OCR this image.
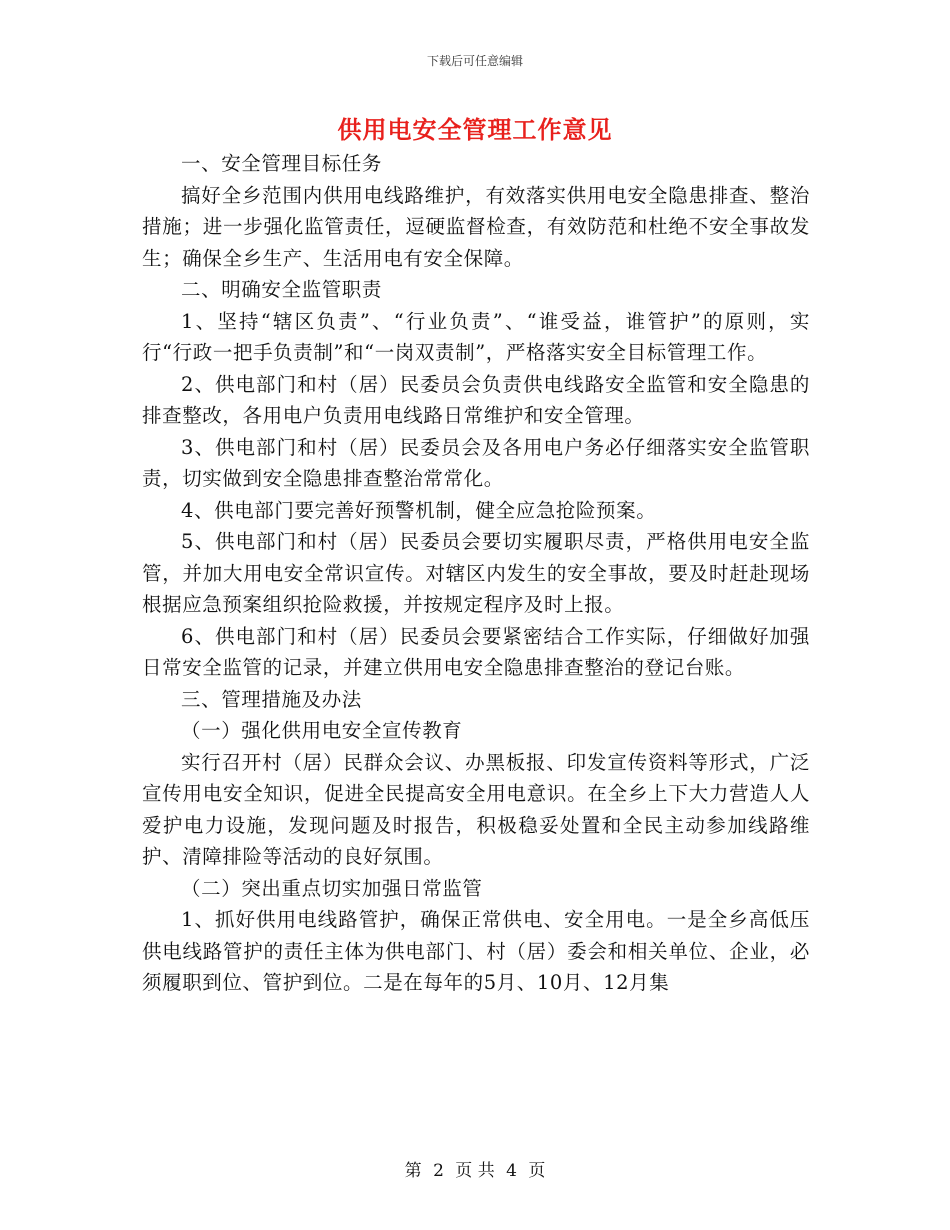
下载后可任意编辑
供用电安全管理工作意见

一、安全管理目标任务

搞好全乡范围内供用电线路维护，有效落实供用电安全隐患排查、整治措施；进一步强化监管责任，逗硬监督检查，有效防范和杜绝不安全事故发生；确保全乡生产、生活用电有安全保障。

二、明确安全监管职责

1、坚持“辖区负责”、“行业负责”、“谁受益，谁管护”的原则，实行“行政一把手负责制”和“一岗双责制”，严格落实安全目标管理工作。

2、供电部门和村（居）民委员会负责供电线路安全监管和安全隐患的排查整改，各用电户负责用电线路日常维护和安全管理。

3、供电部门和村（居）民委员会及各用电户务必仔细落实安全监管职责，切实做到安全隐患排查整治常常化。

4、供电部门要完善好预警机制，健全应急抢险预案。

5、供电部门和村（居）民委员会要切实履职尽责，严格供用电安全监管，并加大用电安全常识宣传。对辖区内发生的安全事故，要及时赶赴现场根据应急预案组织抢险救援，并按规定程序及时上报。

6、供电部门和村（居）民委员会要紧密结合工作实际，仔细做好加强日常安全监管的记录，并建立供用电安全隐患排查整治的登记台账。

三、管理措施及办法

（一）强化供用电安全宣传教育

实行召开村（居）民群众会议、办黑板报、印发宣传资料等形式，广泛宣传用电安全知识，促进全民提高安全用电意识。在全乡上下大力营造人人爱护电力设施，发现问题及时报告，积极稳妥处置和全民主动参加线路维护、清障排险等活动的良好氛围。

（二）突出重点切实加强日常监管

1、抓好供用电线路管护，确保正常供电、安全用电。一是全乡高低压供电线路管护的责任主体为供电部门、村（居）委会和相关单位、企业，必须履职到位、管护到位。二是在每年的5月、10月、12月集

第 2 页 共 4 页
